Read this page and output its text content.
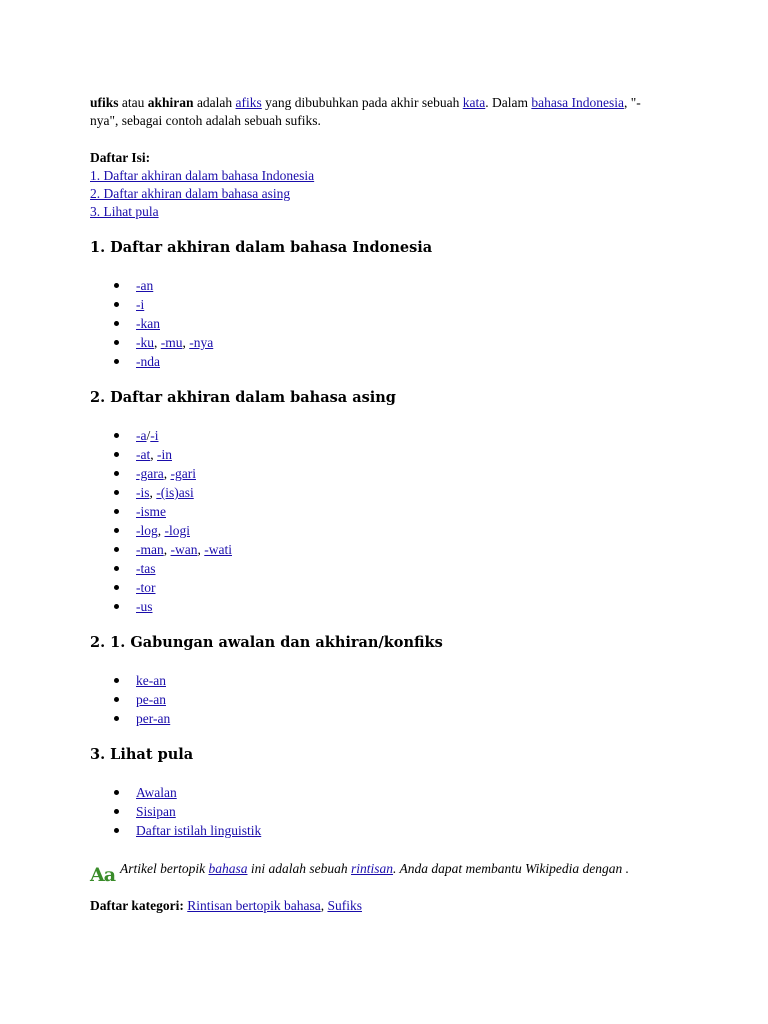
ufiks atau akhiran adalah afiks yang dibubuhkan pada akhir sebuah kata. Dalam bahasa Indonesia, "-nya", sebagai contoh adalah sebuah sufiks.

Daftar Isi:
1. Daftar akhiran dalam bahasa Indonesia
2. Daftar akhiran dalam bahasa asing
3. Lihat pula
1. Daftar akhiran dalam bahasa Indonesia
-an
-i
-kan
-ku, -mu, -nya
-nda
2. Daftar akhiran dalam bahasa asing
-a/-i
-at, -in
-gara, -gari
-is, -(is)asi
-isme
-log, -logi
-man, -wan, -wati
-tas
-tor
-us
2. 1. Gabungan awalan dan akhiran/konfiks
ke-an
pe-an
per-an
3. Lihat pula
Awalan
Sisipan
Daftar istilah linguistik
Aa Artikel bertopik bahasa ini adalah sebuah rintisan. Anda dapat membantu Wikipedia dengan .
Daftar kategori: Rintisan bertopik bahasa, Sufiks
